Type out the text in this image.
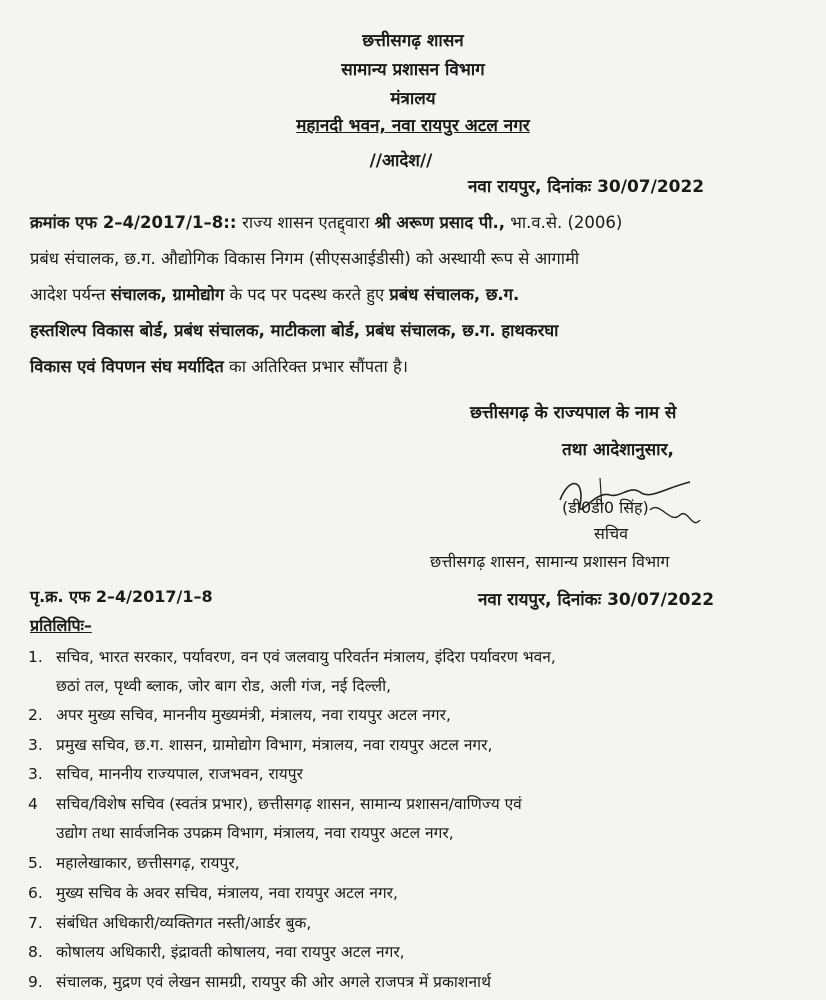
छत्तीसगढ़ शासन
सामान्य प्रशासन विभाग
मंत्रालय
महानदी भवन, नवा रायपुर अटल नगर
//आदेश//
नवा रायपुर, दिनांकः 30/07/2022
क्रमांक एफ 2–4/2017/1–8:: राज्य शासन एतद्द्वारा श्री अरूण प्रसाद पी., भा.व.से. (2006)
प्रबंध संचालक, छ.ग. औद्योगिक विकास निगम (सीएसआईडीसी) को अस्थायी रूप से आगामी
आदेश पर्यन्त संचालक, ग्रामोद्योग के पद पर पदस्थ करते हुए प्रबंध संचालक, छ.ग.
हस्तशिल्प विकास बोर्ड, प्रबंध संचालक, माटीकला बोर्ड, प्रबंध संचालक, छ.ग. हाथकरघा
विकास एवं विपणन संघ मर्यादित का अतिरिक्त प्रभार सौंपता है।
छत्तीसगढ़ के राज्यपाल के नाम से
तथा आदेशानुसार,
(डी0डी0 सिंह)
सचिव
छत्तीसगढ़ शासन, सामान्य प्रशासन विभाग
पृ.क्र. एफ 2–4/2017/1–8	नवा रायपुर, दिनांकः 30/07/2022
प्रतिलिपिः–
1. सचिव, भारत सरकार, पर्यावरण, वन एवं जलवायु परिवर्तन मंत्रालय, इंदिरा पर्यावरण भवन,
छठां तल, पृथ्वी ब्लाक, जोर बाग रोड, अली गंज, नई दिल्ली,
2. अपर मुख्य सचिव, माननीय मुख्यमंत्री, मंत्रालय, नवा रायपुर अटल नगर,
3. प्रमुख सचिव, छ.ग. शासन, ग्रामोद्योग विभाग, मंत्रालय, नवा रायपुर अटल नगर,
3. सचिव, माननीय राज्यपाल, राजभवन, रायपुर
4 सचिव/विशेष सचिव (स्वतंत्र प्रभार), छत्तीसगढ़ शासन, सामान्य प्रशासन/वाणिज्य एवं
उद्योग तथा सार्वजनिक उपक्रम विभाग, मंत्रालय, नवा रायपुर अटल नगर,
5. महालेखाकार, छत्तीसगढ़, रायपुर,
6. मुख्य सचिव के अवर सचिव, मंत्रालय, नवा रायपुर अटल नगर,
7. संबंधित अधिकारी/व्यक्तिगत नस्ती/आर्डर बुक,
8. कोषालय अधिकारी, इंद्रावती कोषालय, नवा रायपुर अटल नगर,
9. संचालक, मुद्रण एवं लेखन सामग्री, रायपुर की ओर अगले राजपत्र में प्रकाशनार्थ
